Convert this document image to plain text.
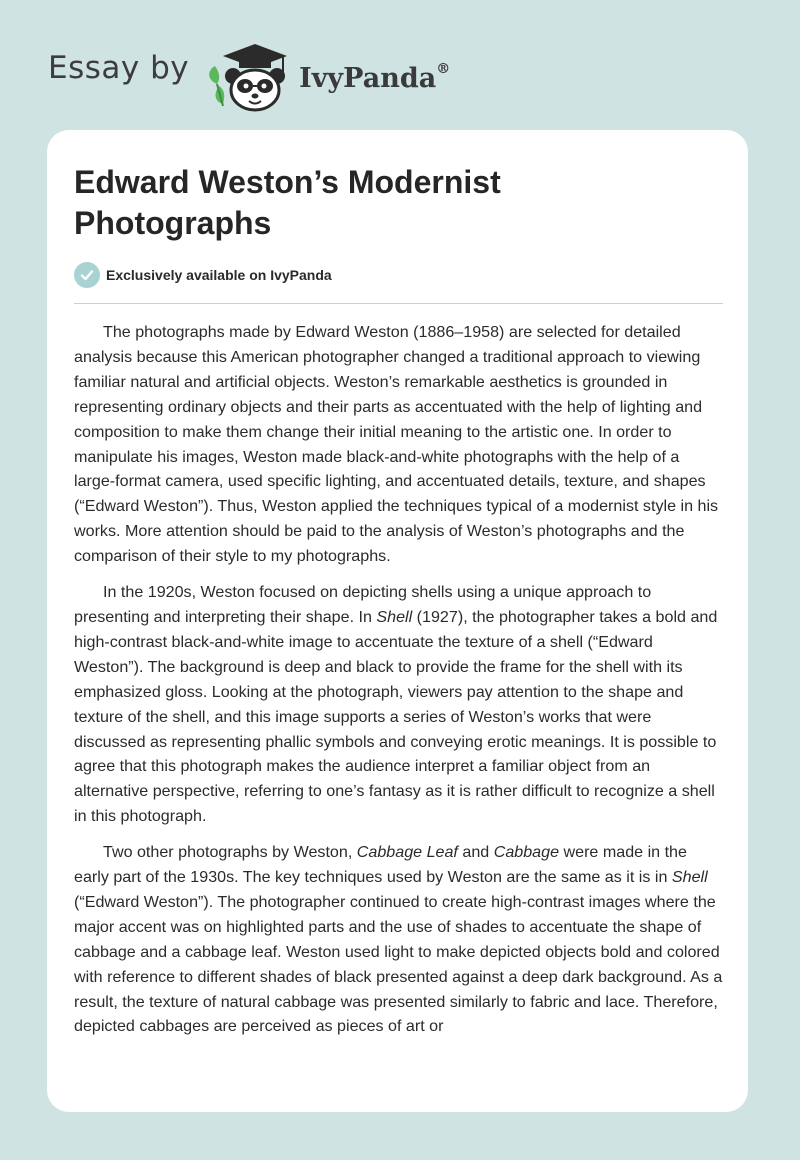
Essay by	IvyPanda®
Edward Weston’s Modernist Photographs
Exclusively available on IvyPanda

The photographs made by Edward Weston (1886–1958) are selected for detailed analysis because this American photographer changed a traditional approach to viewing familiar natural and artificial objects. Weston’s remarkable aesthetics is grounded in representing ordinary objects and their parts as accentuated with the help of lighting and composition to make them change their initial meaning to the artistic one. In order to manipulate his images, Weston made black-and-white photographs with the help of a large-format camera, used specific lighting, and accentuated details, texture, and shapes (“Edward Weston”). Thus, Weston applied the techniques typical of a modernist style in his works. More attention should be paid to the analysis of Weston’s photographs and the comparison of their style to my photographs.

In the 1920s, Weston focused on depicting shells using a unique approach to presenting and interpreting their shape. In Shell (1927), the photographer takes a bold and high-contrast black-and-white image to accentuate the texture of a shell (“Edward Weston”). The background is deep and black to provide the frame for the shell with its emphasized gloss. Looking at the photograph, viewers pay attention to the shape and texture of the shell, and this image supports a series of Weston’s works that were discussed as representing phallic symbols and conveying erotic meanings. It is possible to agree that this photograph makes the audience interpret a familiar object from an alternative perspective, referring to one’s fantasy as it is rather difficult to recognize a shell in this photograph.

Two other photographs by Weston, Cabbage Leaf and Cabbage were made in the early part of the 1930s. The key techniques used by Weston are the same as it is in Shell (“Edward Weston”). The photographer continued to create high-contrast images where the major accent was on highlighted parts and the use of shades to accentuate the shape of cabbage and a cabbage leaf. Weston used light to make depicted objects bold and colored with reference to different shades of black presented against a deep dark background. As a result, the texture of natural cabbage was presented similarly to fabric and lace. Therefore, depicted cabbages are perceived as pieces of art or
